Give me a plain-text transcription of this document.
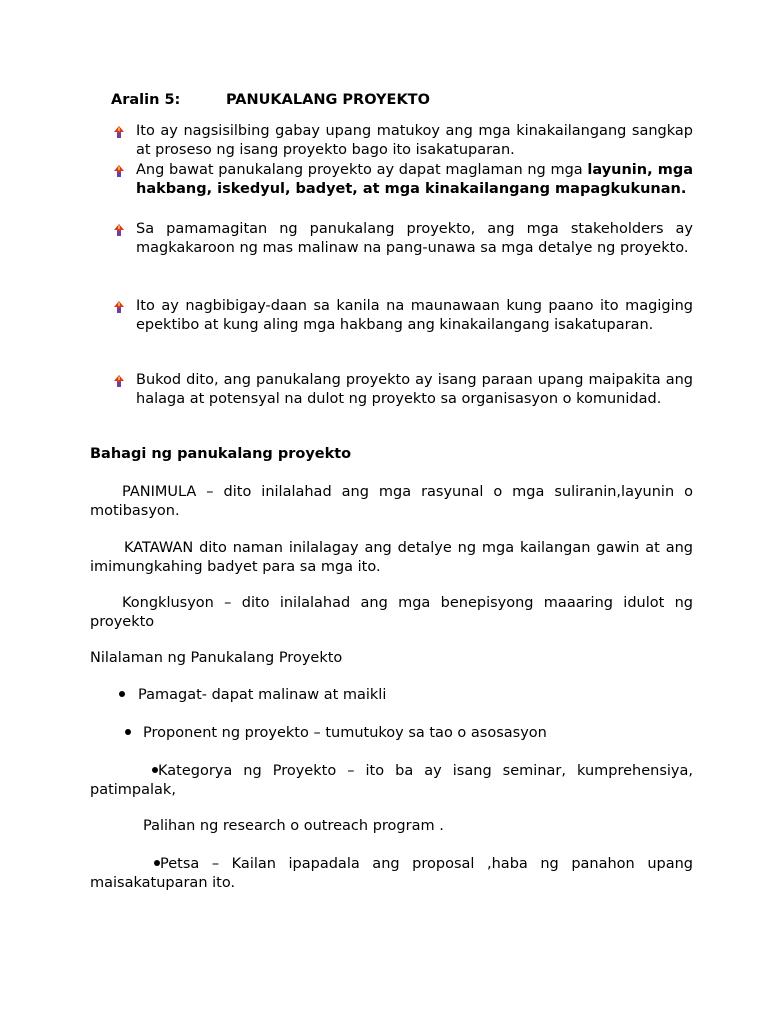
Aralin 5:	PANUKALANG PROYEKTO
Ito ay nagsisilbing gabay upang matukoy ang mga kinakailangang sangkap at proseso ng isang proyekto bago ito isakatuparan.
Ang bawat panukalang proyekto ay dapat maglaman ng mga layunin, mga hakbang, iskedyul, badyet, at mga kinakailangang mapagkukunan.
Sa pamamagitan ng panukalang proyekto, ang mga stakeholders ay magkakaroon ng mas malinaw na pang-unawa sa mga detalye ng proyekto.
Ito ay nagbibigay-daan sa kanila na maunawaan kung paano ito magiging epektibo at kung aling mga hakbang ang kinakailangang isakatuparan.
Bukod dito, ang panukalang proyekto ay isang paraan upang maipakita ang halaga at potensyal na dulot ng proyekto sa organisasyon o komunidad.
Bahagi ng panukalang proyekto
PANIMULA – dito inilalahad ang mga rasyunal o mga suliranin,layunin o motibasyon.
KATAWAN dito naman inilalagay ang detalye ng mga kailangan gawin at ang imimungkahing badyet para sa mga ito.
Kongklusyon – dito inilalahad ang mga benepisyong maaaring idulot ng proyekto
Nilalaman ng Panukalang Proyekto
Pamagat- dapat malinaw at maikli
Proponent ng proyekto – tumutukoy sa tao o asosasyon
Kategorya ng Proyekto – ito ba ay isang seminar, kumprehensiya, patimpalak,
Palihan ng research o outreach program .
Petsa – Kailan ipapadala ang proposal ,haba ng panahon upang maisakatuparan ito.
